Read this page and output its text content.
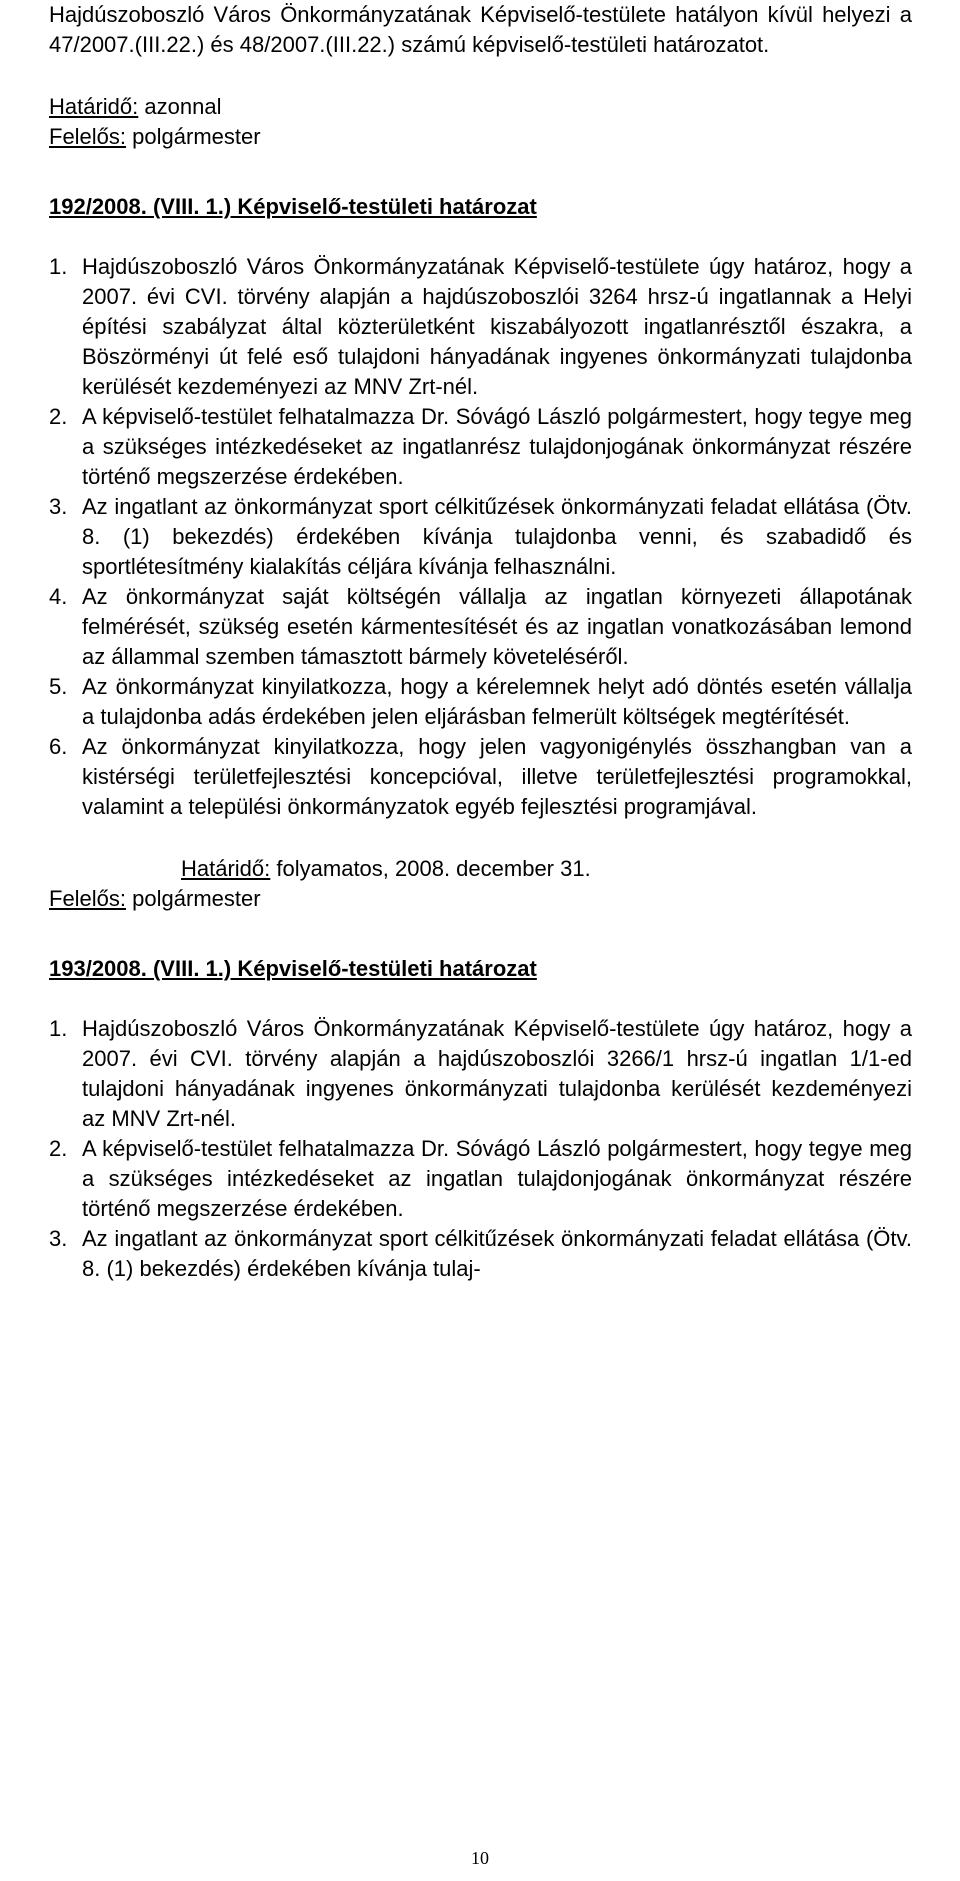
Hajdúszoboszló Város Önkormányzatának Képviselő-testülete hatályon kívül helyezi a 47/2007.(III.22.) és 48/2007.(III.22.) számú képviselő-testületi határozatot.

Határidő: azonnal
Felelős: polgármester

192/2008. (VIII. 1.) Képviselő-testületi határozat

1. Hajdúszoboszló Város Önkormányzatának Képviselő-testülete úgy határoz, hogy a 2007. évi CVI. törvény alapján a hajdúszoboszlói 3264 hrsz-ú ingatlannak a Helyi építési szabályzat által közterületként kiszabályozott ingatlanrésztől északra, a Böszörményi út felé eső tulajdoni hányadának ingyenes önkormányzati tulajdonba kerülését kezdeményezi az MNV Zrt-nél.
2. A képviselő-testület felhatalmazza Dr. Sóvágó László polgármestert, hogy tegye meg a szükséges intézkedéseket az ingatlanrész tulajdonjogának önkormányzat részére történő megszerzése érdekében.
3. Az ingatlant az önkormányzat sport célkitűzések önkormányzati feladat ellátása (Ötv. 8. (1) bekezdés) érdekében kívánja tulajdonba venni, és szabadidő és sportlétesítmény kialakítás céljára kívánja felhasználni.
4. Az önkormányzat saját költségén vállalja az ingatlan környezeti állapotának felmérését, szükség esetén kármentesítését és az ingatlan vonatkozásában lemond az állammal szemben támasztott bármely követeléséről.
5. Az önkormányzat kinyilatkozza, hogy a kérelemnek helyt adó döntés esetén vállalja a tulajdonba adás érdekében jelen eljárásban felmerült költségek megtérítését.
6. Az önkormányzat kinyilatkozza, hogy jelen vagyonigénylés összhangban van a kistérségi területfejlesztési koncepcióval, illetve területfejlesztési programokkal, valamint a települési önkormányzatok egyéb fejlesztési programjával.
Határidő: folyamatos, 2008. december 31.
Felelős: polgármester

193/2008. (VIII. 1.) Képviselő-testületi határozat

1. Hajdúszoboszló Város Önkormányzatának Képviselő-testülete úgy határoz, hogy a 2007. évi CVI. törvény alapján a hajdúszoboszlói 3266/1 hrsz-ú ingatlan 1/1-ed tulajdoni hányadának ingyenes önkormányzati tulajdonba kerülését kezdeményezi az MNV Zrt-nél.
2. A képviselő-testület felhatalmazza Dr. Sóvágó László polgármestert, hogy tegye meg a szükséges intézkedéseket az ingatlan tulajdonjogának önkormányzat részére történő megszerzése érdekében.
3. Az ingatlant az önkormányzat sport célkitűzések önkormányzati feladat ellátása (Ötv. 8. (1) bekezdés) érdekében kívánja tulaj-
10
